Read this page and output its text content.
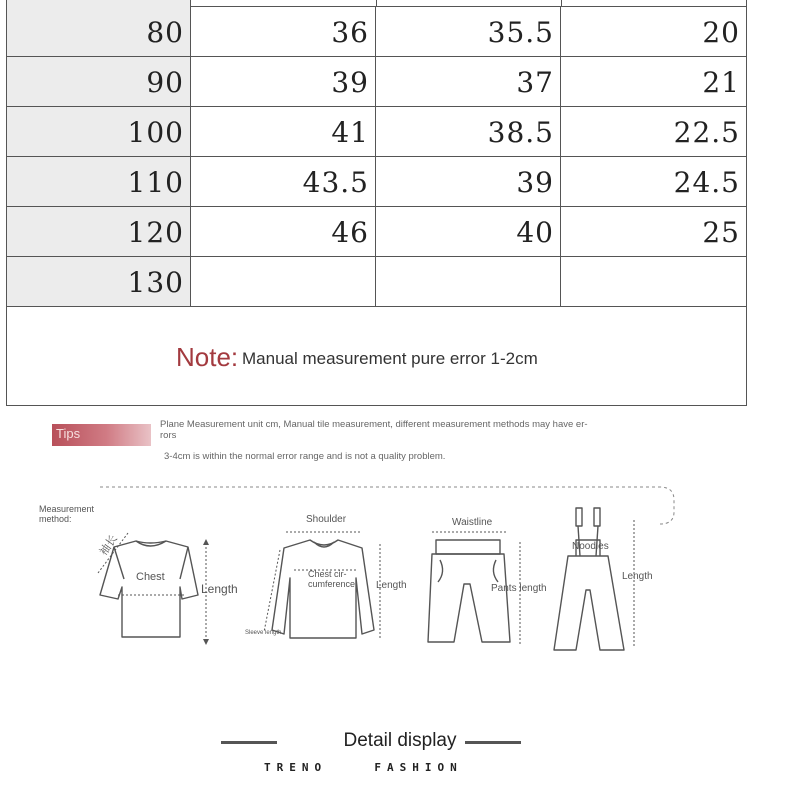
80	36	35.5	20
90	39	37	21
100	41	38.5	22.5
110	43.5	39	24.5
120	46	40	25
130
Note: Manual measurement pure error 1-2cm
Tips
Plane Measurement unit cm, Manual tile measurement, different measurement methods may have er-
rors
3-4cm is within the normal error range and is not a quality problem.
Measurement
method:
袖长
Chest
Length
Shoulder
Chest cir-
cumference Length
Sleeve length
Waistline
Pants length
Noodles
Length
Detail display
TRENO	FASHION
